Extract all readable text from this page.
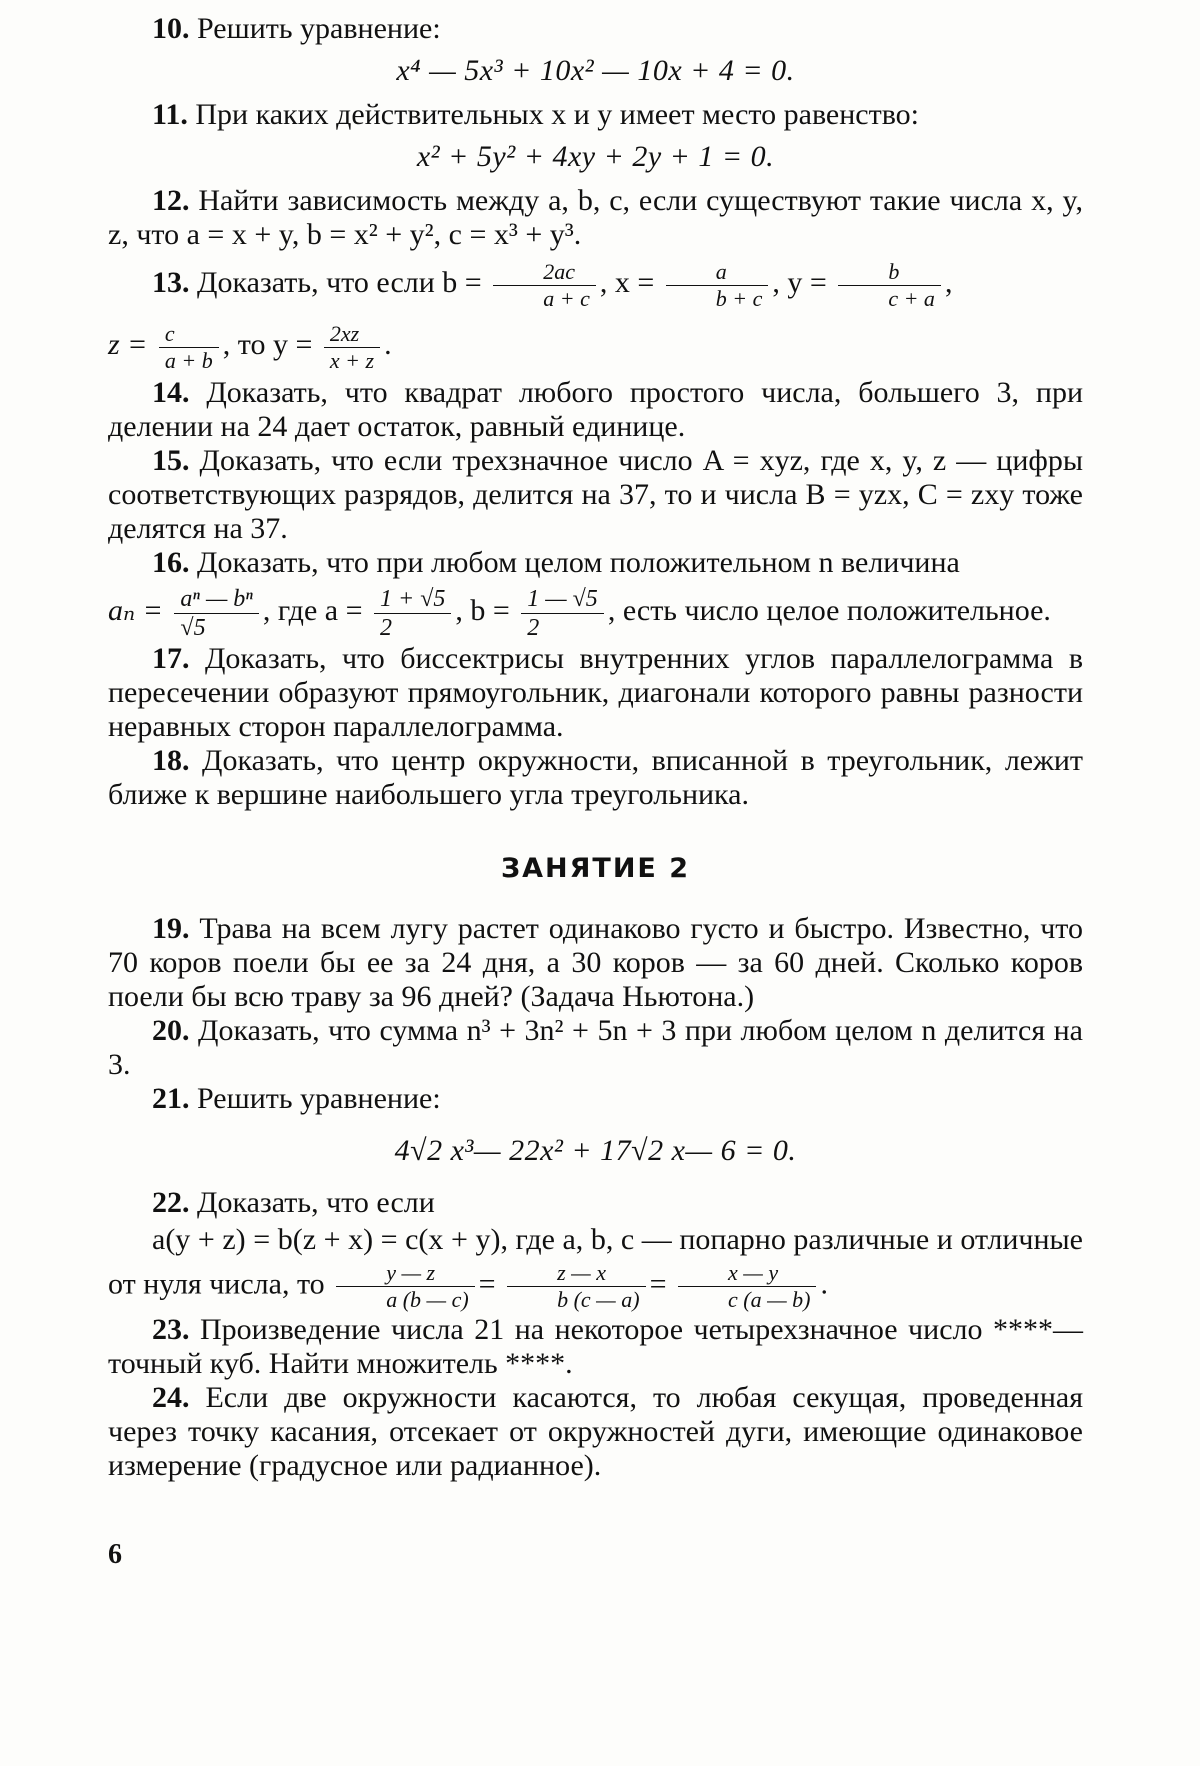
10. Решить уравнение:

x⁴ — 5x³ + 10x² — 10x + 4 = 0.

11. При каких действительных x и y имеет место равенство:

x² + 5y² + 4xy + 2y + 1 = 0.

12. Найти зависимость между a, b, c, если существуют такие числа x, y, z, что a = x + y, b = x² + y², c = x³ + y³.

13. Доказать, что если $b = \frac{2ac}{a + c}$ , $x = \frac{a}{b + c}$ , $y = \frac{b}{c + a}$ ,

$z = \frac{c}{a + b}$ , то $y = \frac{2xz}{x + z}$ .

14. Доказать, что квадрат любого простого числа, большего 3, при делении на 24 дает остаток, равный единице.

15. Доказать, что если трехзначное число A = xyz, где x, y, z — цифры соответствующих разрядов, делится на 37, то и числа B = yzx, C = zxy тоже делятся на 37.

16. Доказать, что при любом целом положительном n величина

$a_n = \frac{\text{aⁿ — bⁿ}}{√5}$ , где $a = \frac{1 + √5}{2}$ , $b = \frac{1 — √5}{2}$ , есть число целое положительное.

17. Доказать, что биссектрисы внутренних углов параллелограмма в пересечении образуют прямоугольник, диагонали которого равны разности неравных сторон параллелограмма.

18. Доказать, что центр окружности, вписанной в треугольник, лежит ближе к вершине наибольшего угла треугольника.

ЗАНЯТИЕ 2

19. Трава на всем лугу растет одинаково густо и быстро. Известно, что 70 коров поели бы ее за 24 дня, а 30 коров — за 60 дней. Сколько коров поели бы всю траву за 96 дней? (Задача Ньютона.)

20. Доказать, что сумма n³ + 3n² + 5n + 3 при любом целом n делится на 3.

21. Решить уравнение:

4√2 x³— 22x² + 17√2 x— 6 = 0.

22. Доказать, что если

a(y + z) = b(z + x) = c(x + y), где a, b, c — попарно различные и отличные от нуля числа, то $\frac{y — z}{a (b — c)} = \frac{z — x}{b (c — a)} = \frac{x — y}{c (a — b)}$ .

23. Произведение числа 21 на некоторое четырехзначное число ****— точный куб. Найти множитель ****.

24. Если две окружности касаются, то любая секущая, проведенная через точку касания, отсекает от окружностей дуги, имеющие одинаковое измерение (градусное или радианное).

6
